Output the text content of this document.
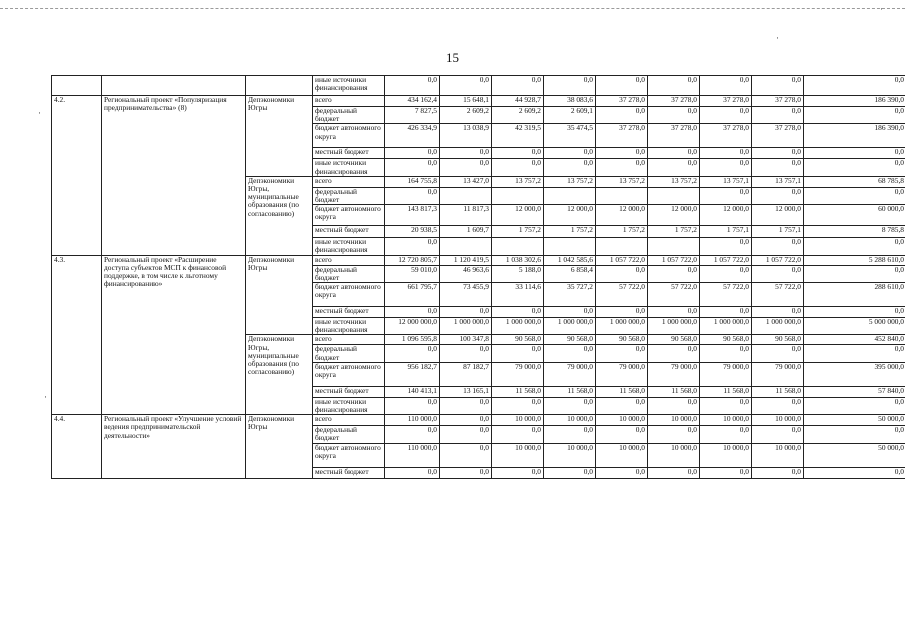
·
·
·
·
15
			иные источники финансирования	0,0	0,0	0,0	0,0	0,0	0,0	0,0	0,0	0,0
4.2.	Региональный проект «Популяризация предпринимательства» (8)	Депэкономики Югры	всего	434 162,4	15 648,1	44 928,7	38 083,6	37 278,0	37 278,0	37 278,0	37 278,0	186 390,0
			федеральный бюджет	7 827,5	2 609,2	2 609,2	2 609,1	0,0	0,0	0,0	0,0	0,0
			бюджет автономного округа	426 334,9	13 038,9	42 319,5	35 474,5	37 278,0	37 278,0	37 278,0	37 278,0	186 390,0
			местный бюджет	0,0	0,0	0,0	0,0	0,0	0,0	0,0	0,0	0,0
			иные источники финансирования	0,0	0,0	0,0	0,0	0,0	0,0	0,0	0,0	0,0
		Депэкономики Югры, муниципальные образования (по согласованию)	всего	164 755,8	13 427,0	13 757,2	13 757,2	13 757,2	13 757,2	13 757,1	13 757,1	68 785,8
			федеральный бюджет	0,0						0,0	0,0	0,0
			бюджет автономного округа	143 817,3	11 817,3	12 000,0	12 000,0	12 000,0	12 000,0	12 000,0	12 000,0	60 000,0
			местный бюджет	20 938,5	1 609,7	1 757,2	1 757,2	1 757,2	1 757,2	1 757,1	1 757,1	8 785,8
			иные источники финансирования	0,0						0,0	0,0	0,0
4.3.	Региональный проект «Расширение доступа субъектов МСП к финансовой поддержке, в том числе к льготному финансированию»	Депэкономики Югры	всего	12 720 805,7	1 120 419,5	1 038 302,6	1 042 585,6	1 057 722,0	1 057 722,0	1 057 722,0	1 057 722,0	5 288 610,0
			федеральный бюджет	59 010,0	46 963,6	5 188,0	6 858,4	0,0	0,0	0,0	0,0	0,0
			бюджет автономного округа	661 795,7	73 455,9	33 114,6	35 727,2	57 722,0	57 722,0	57 722,0	57 722,0	288 610,0
			местный бюджет	0,0	0,0	0,0	0,0	0,0	0,0	0,0	0,0	0,0
			иные источники финансирования	12 000 000,0	1 000 000,0	1 000 000,0	1 000 000,0	1 000 000,0	1 000 000,0	1 000 000,0	1 000 000,0	5 000 000,0
		Депэкономики Югры, муниципальные образования (по согласованию)	всего	1 096 595,8	100 347,8	90 568,0	90 568,0	90 568,0	90 568,0	90 568,0	90 568,0	452 840,0
			федеральный бюджет	0,0	0,0	0,0	0,0	0,0	0,0	0,0	0,0	0,0
			бюджет автономного округа	956 182,7	87 182,7	79 000,0	79 000,0	79 000,0	79 000,0	79 000,0	79 000,0	395 000,0
			местный бюджет	140 413,1	13 165,1	11 568,0	11 568,0	11 568,0	11 568,0	11 568,0	11 568,0	57 840,0
			иные источники финансирования	0,0	0,0	0,0	0,0	0,0	0,0	0,0	0,0	0,0
4.4.	Региональный проект «Улучшение условий ведения предпринимательской деятельности»	Депэкономики Югры	всего	110 000,0	0,0	10 000,0	10 000,0	10 000,0	10 000,0	10 000,0	10 000,0	50 000,0
			федеральный бюджет	0,0	0,0	0,0	0,0	0,0	0,0	0,0	0,0	0,0
			бюджет автономного округа	110 000,0	0,0	10 000,0	10 000,0	10 000,0	10 000,0	10 000,0	10 000,0	50 000,0
			местный бюджет	0,0	0,0	0,0	0,0	0,0	0,0	0,0	0,0	0,0
